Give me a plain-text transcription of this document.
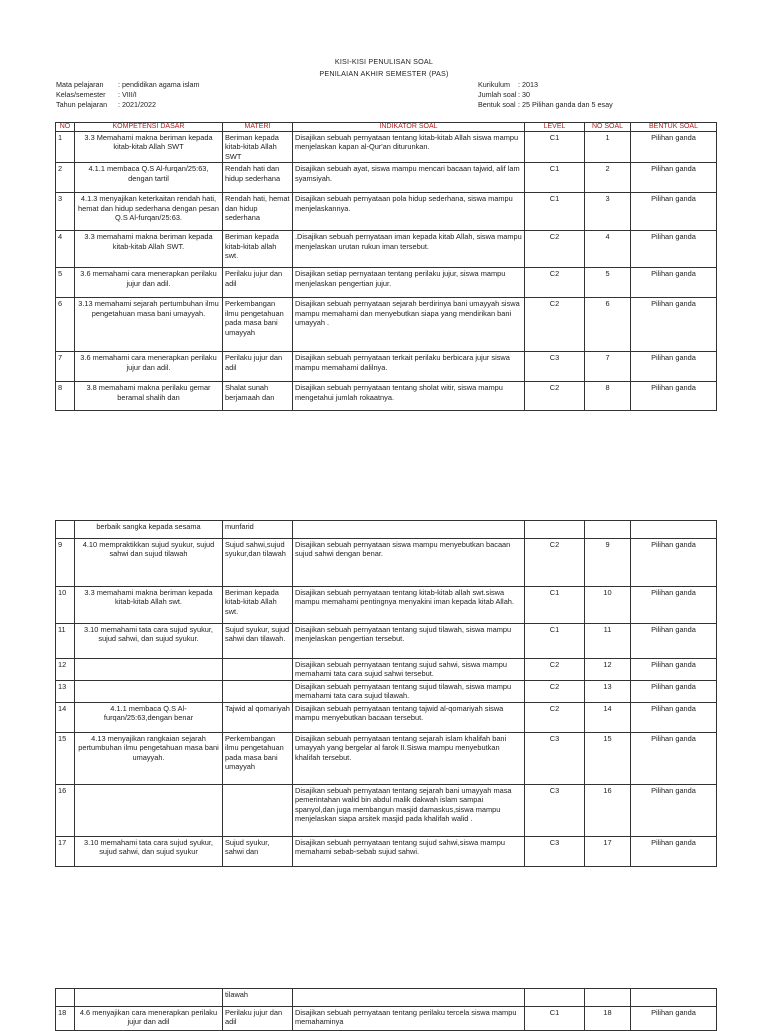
KISI-KISI PENULISAN SOAL
PENILAIAN AKHIR SEMESTER (PAS)
Mata pelajaran : pendidikan agama islam
Kelas/semester : VIII/I
Tahun pelajaran : 2021/2022
Kurikulum : 2013
Jumlah soal : 30
Bentuk soal : 25 Pilihan ganda dan 5 esay
NO	KOMPETENSI DASAR	MATERI	INDIKATOR SOAL	LEVEL	NO SOAL	BENTUK SOAL
1	3.3 Memahami makna beriman kepada kitab-kitab Allah SWT	Beriman kepada kitab-kitab Allah SWT	Disajikan sebuah pernyataan tentang kitab-kitab Allah siswa mampu menjelaskan kapan al-Qur'an diturunkan.	C1	1	Pilihan ganda
2	4.1.1 membaca Q.S Al-furqan/25:63, dengan tartil	Rendah hati dan hidup sederhana	Disajikan sebuah ayat, siswa mampu mencari bacaan tajwid, alif lam syamsiyah.	C1	2	Pilihan ganda
3	4.1.3 menyajikan keterkaitan rendah hati, hemat dan hidup sederhana dengan pesan Q.S Al-furqan/25:63.	Rendah hati, hemat dan hidup sederhana	Disajikan sebuah pernyataan pola hidup sederhana, siswa mampu menjelaskannya.	C1	3	Pilihan ganda
4	3.3 memahami makna beriman kepada kitab-kitab Allah SWT.	Beriman kepada kitab-kitab allah swt.	.Disajikan sebuah pernyataan iman kepada kitab Allah, siswa mampu menjelaskan urutan rukun iman tersebut.	C2	4	Pilihan ganda
5	3.6 memahami cara menerapkan perilaku jujur dan adil.	Perilaku jujur dan adil	Disajikan setiap pernyataan tentang perilaku jujur, siswa mampu menjelaskan pengertian jujur.	C2	5	Pilihan ganda
6	3.13 memahami sejarah pertumbuhan ilmu pengetahuan masa bani umayyah.	Perkembangan ilmu pengetahuan pada masa bani umayyah	Disajikan sebuah pernyataan sejarah berdirinya bani umayyah siswa mampu memahami dan menyebutkan siapa yang mendirikan bani umayyah .	C2	6	Pilihan ganda
7	3.6 memahami cara menerapkan perilaku jujur dan adil.	Perilaku jujur dan adil	Disajikan sebuah pernyataan terkait perilaku berbicara jujur siswa mampu memahami dalilnya.	C3	7	Pilihan ganda
8	3.8 memahami makna perilaku gemar beramal shalih dan	Shalat sunah berjamaah dan	Disajikan sebuah pernyataan tentang sholat witir, siswa mampu mengetahui jumlah rokaatnya.	C2	8	Pilihan ganda
	berbaik sangka kepada sesama	munfarid				
9	4.10 mempraktikkan sujud syukur, sujud sahwi dan sujud tilawah	Sujud sahwi,sujud syukur,dan tilawah	Disajikan sebuah pernyataan siswa mampu menyebutkan bacaan sujud sahwi dengan benar.	C2	9	Pilihan ganda
10	3.3 memahami makna beriman kepada kitab-kitab Allah swt.	Beriman kepada kitab-kitab Allah swt.	Disajikan sebuah pernyataan tentang kitab-kitab allah swt.siswa mampu memahami pentingnya menyakini iman kepada kitab Allah.	C1	10	Pilihan ganda
11	3.10 memahami tata cara sujud syukur, sujud sahwi, dan sujud syukur.	Sujud syukur, sujud sahwi dan tilawah.	Disajikan sebuah pernyataan tentang sujud tilawah, siswa mampu menjelaskan pengertian tersebut.	C1	11	Pilihan ganda
12			Disajikan sebuah pernyataan tentang sujud sahwi, siswa mampu memahami tata cara sujud sahwi tersebut.	C2	12	Pilihan ganda
13			Disajikan sebuah pernyataan tentang sujud tilawah, siswa mampu memahami tata cara sujud tilawah.	C2	13	Pilihan ganda
14	4.1.1 membaca Q.S Al-furqan/25:63,dengan benar	Tajwid al qomariyah	Disajikan sebuah pernyataan tentang tajwid al-qomariyah siswa mampu menyebutkan bacaan tersebut.	C2	14	Pilihan ganda
15	4.13 menyajikan rangkaian sejarah pertumbuhan ilmu pengetahuan masa bani umayyah.	Perkembangan ilmu pengetahuan pada masa bani umayyah	Disajikan sebuah pernyataan tentang sejarah islam khalifah bani umayyah yang bergelar al farok II.Siswa mampu menyebutkan khalifah tersebut.	C3	15	Pilihan ganda
16			Disajikan sebuah pernyataan tentang sejarah bani umayyah masa pemerintahan walid bin abdul malik dakwah islam sampai spanyol,dan juga membangun masjid damaskus,siswa mampu menjelaskan siapa arsitek masjid pada khalifah walid .	C3	16	Pilihan ganda
17	3.10 memahami tata cara sujud syukur, sujud sahwi, dan sujud syukur	Sujud syukur, sahwi dan	Disajikan sebuah pernyataan tentang sujud sahwi,siswa mampu memahami sebab-sebab sujud sahwi.	C3	17	Pilihan ganda
		tilawah				
18	4.6 menyajikan cara menerapkan perilaku jujur dan adil	Perilaku jujur dan adil	Disajikan sebuah pernyataan tentang perilaku tercela siswa mampu memahaminya	C1	18	Pilihan ganda
